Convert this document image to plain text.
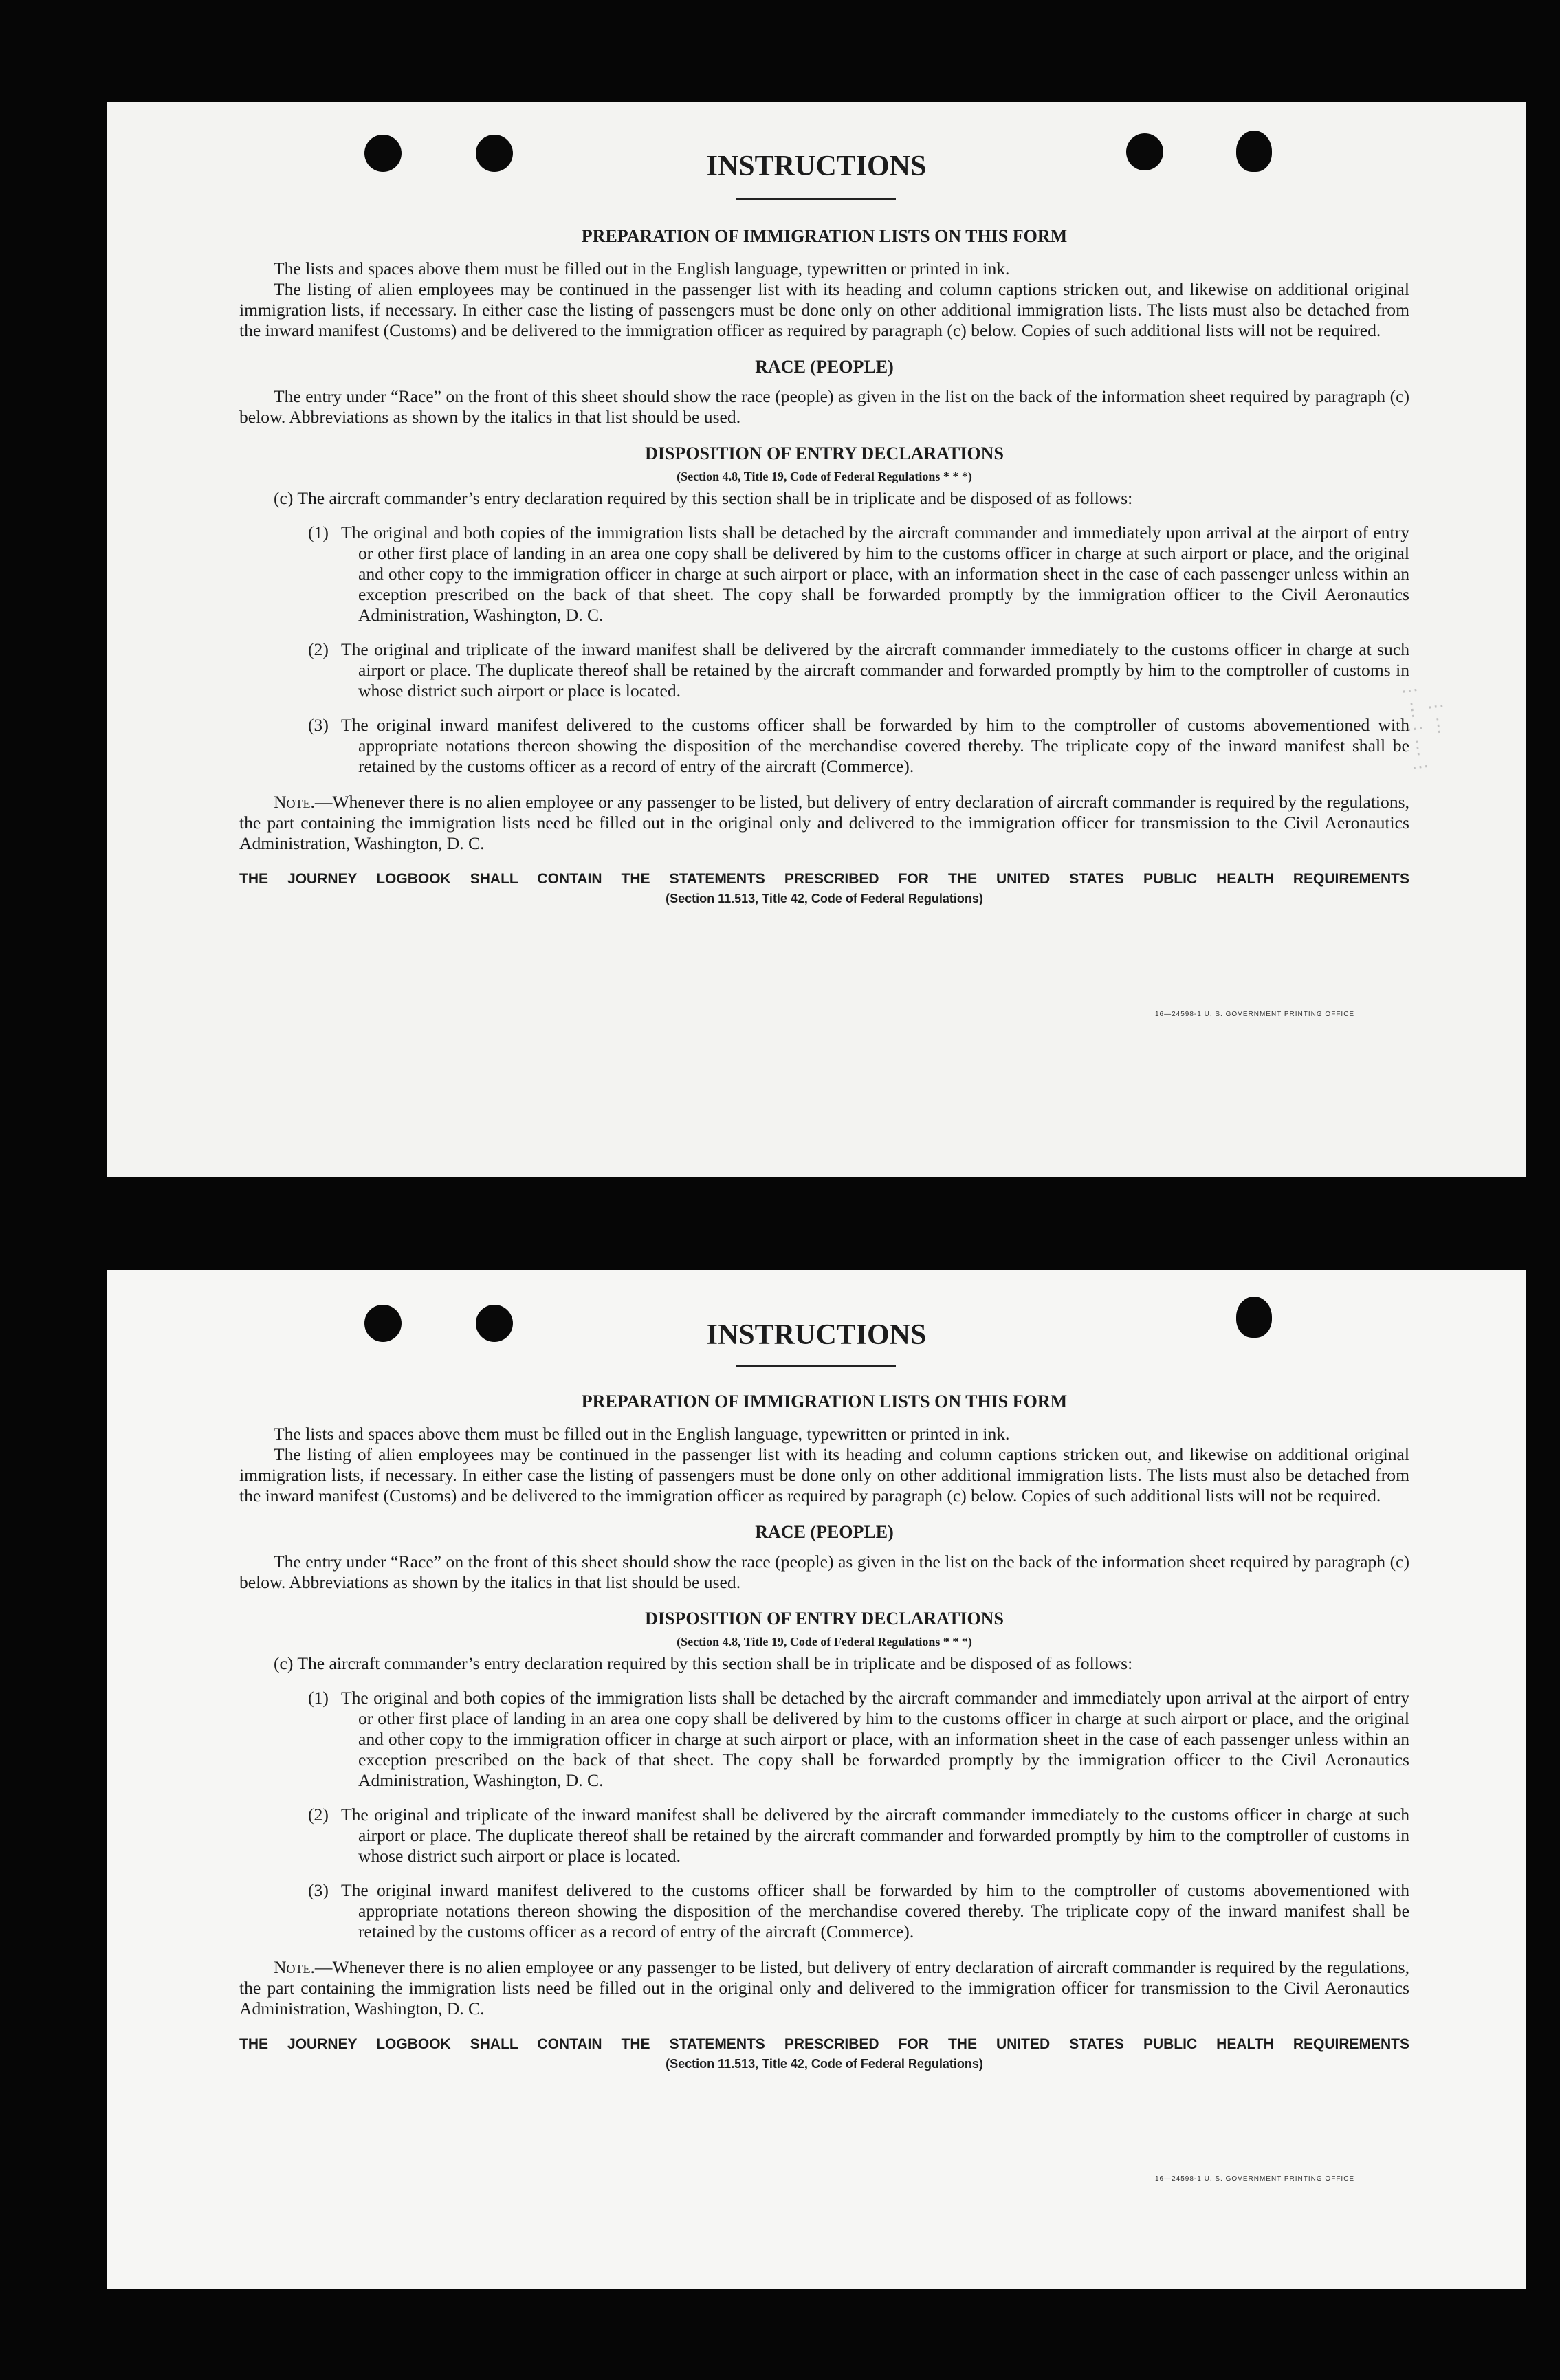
INSTRUCTIONS
PREPARATION OF IMMIGRATION LISTS ON THIS FORM

The lists and spaces above them must be filled out in the English language, typewritten or printed in ink.

The listing of alien employees may be continued in the passenger list with its heading and column captions stricken out, and likewise on additional original immigration lists, if necessary. In either case the listing of passengers must be done only on other additional immigration lists. The lists must also be detached from the inward manifest (Customs) and be delivered to the immigration officer as required by paragraph (c) below. Copies of such additional lists will not be required.

RACE (PEOPLE)

The entry under “Race” on the front of this sheet should show the race (people) as given in the list on the back of the information sheet required by paragraph (c) below. Abbreviations as shown by the italics in that list should be used.

DISPOSITION OF ENTRY DECLARATIONS
(Section 4.8, Title 19, Code of Federal Regulations * * *)

(c) The aircraft commander’s entry declaration required by this section shall be in triplicate and be disposed of as follows:

(1) The original and both copies of the immigration lists shall be detached by the aircraft commander and immediately upon arrival at the airport of entry or other first place of landing in an area one copy shall be delivered by him to the customs officer in charge at such airport or place, and the original and other copy to the immigration officer in charge at such airport or place, with an information sheet in the case of each passenger unless within an exception prescribed on the back of that sheet. The copy shall be forwarded promptly by the immigration officer to the Civil Aeronautics Administration, Washington, D. C.
(2) The original and triplicate of the inward manifest shall be delivered by the aircraft commander immediately to the customs officer in charge at such airport or place. The duplicate thereof shall be retained by the aircraft commander and forwarded promptly by him to the comptroller of customs in whose district such airport or place is located.
(3) The original inward manifest delivered to the customs officer shall be forwarded by him to the comptroller of customs abovementioned with appropriate notations thereon showing the disposition of the merchandise covered thereby. The triplicate copy of the inward manifest shall be retained by the customs officer as a record of entry of the aircraft (Commerce).

Note.—Whenever there is no alien employee or any passenger to be listed, but delivery of entry declaration of aircraft commander is required by the regulations, the part containing the immigration lists need be filled out in the original only and delivered to the immigration officer for transmission to the Civil Aeronautics Administration, Washington, D. C.

THE JOURNEY LOGBOOK SHALL CONTAIN THE STATEMENTS PRESCRIBED FOR THE UNITED STATES PUBLIC HEALTH REQUIREMENTS
(Section 11.513, Title 42, Code of Federal Regulations)
16—24598-1 U. S. GOVERNMENT PRINTING OFFICE
⋯
⋮ ⋯
⋯ ⋮
⋮
⋯
INSTRUCTIONS
PREPARATION OF IMMIGRATION LISTS ON THIS FORM

The lists and spaces above them must be filled out in the English language, typewritten or printed in ink.

The listing of alien employees may be continued in the passenger list with its heading and column captions stricken out, and likewise on additional original immigration lists, if necessary. In either case the listing of passengers must be done only on other additional immigration lists. The lists must also be detached from the inward manifest (Customs) and be delivered to the immigration officer as required by paragraph (c) below. Copies of such additional lists will not be required.

RACE (PEOPLE)

The entry under “Race” on the front of this sheet should show the race (people) as given in the list on the back of the information sheet required by paragraph (c) below. Abbreviations as shown by the italics in that list should be used.

DISPOSITION OF ENTRY DECLARATIONS
(Section 4.8, Title 19, Code of Federal Regulations * * *)

(c) The aircraft commander’s entry declaration required by this section shall be in triplicate and be disposed of as follows:

(1) The original and both copies of the immigration lists shall be detached by the aircraft commander and immediately upon arrival at the airport of entry or other first place of landing in an area one copy shall be delivered by him to the customs officer in charge at such airport or place, and the original and other copy to the immigration officer in charge at such airport or place, with an information sheet in the case of each passenger unless within an exception prescribed on the back of that sheet. The copy shall be forwarded promptly by the immigration officer to the Civil Aeronautics Administration, Washington, D. C.
(2) The original and triplicate of the inward manifest shall be delivered by the aircraft commander immediately to the customs officer in charge at such airport or place. The duplicate thereof shall be retained by the aircraft commander and forwarded promptly by him to the comptroller of customs in whose district such airport or place is located.
(3) The original inward manifest delivered to the customs officer shall be forwarded by him to the comptroller of customs abovementioned with appropriate notations thereon showing the disposition of the merchandise covered thereby. The triplicate copy of the inward manifest shall be retained by the customs officer as a record of entry of the aircraft (Commerce).

Note.—Whenever there is no alien employee or any passenger to be listed, but delivery of entry declaration of aircraft commander is required by the regulations, the part containing the immigration lists need be filled out in the original only and delivered to the immigration officer for transmission to the Civil Aeronautics Administration, Washington, D. C.

THE JOURNEY LOGBOOK SHALL CONTAIN THE STATEMENTS PRESCRIBED FOR THE UNITED STATES PUBLIC HEALTH REQUIREMENTS
(Section 11.513, Title 42, Code of Federal Regulations)
16—24598-1 U. S. GOVERNMENT PRINTING OFFICE
